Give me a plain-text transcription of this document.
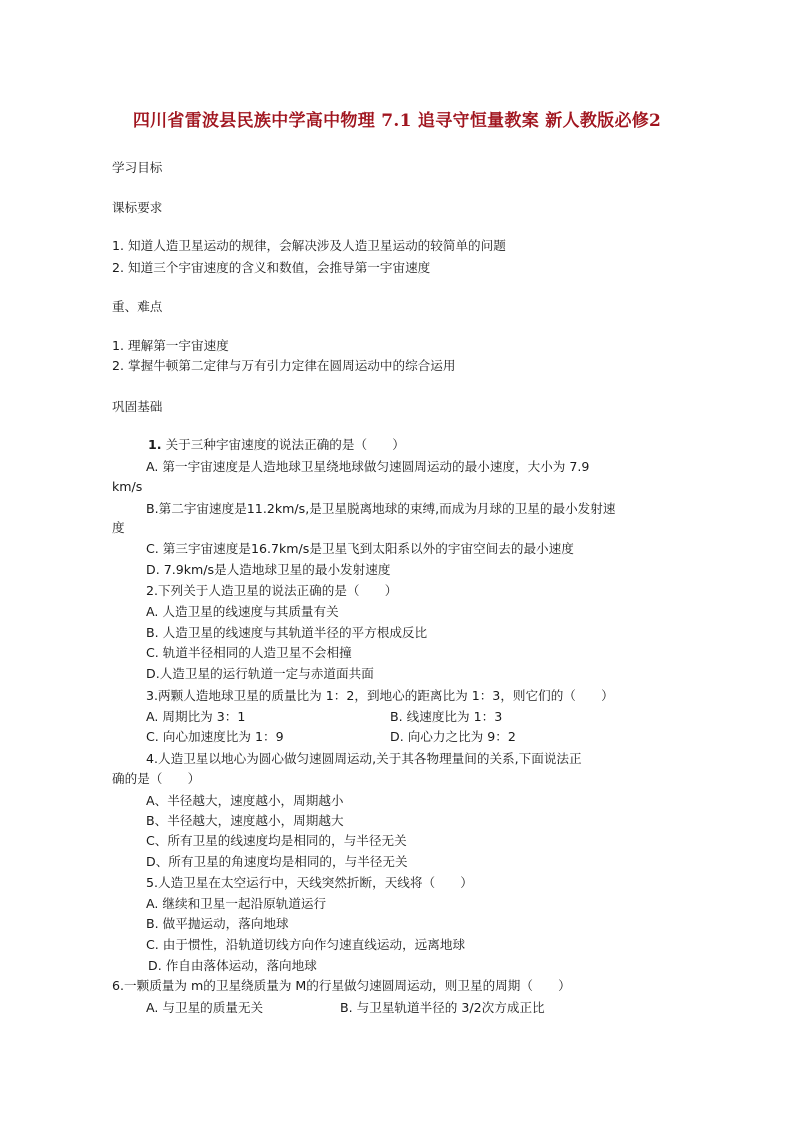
四川省雷波县民族中学高中物理 7.1 追寻守恒量教案 新人教版必修2
学习目标
课标要求
1. 知道人造卫星运动的规律，会解决涉及人造卫星运动的较简单的问题
2. 知道三个宇宙速度的含义和数值，会推导第一宇宙速度
重、难点
1. 理解第一宇宙速度
2. 掌握牛顿第二定律与万有引力定律在圆周运动中的综合运用
巩固基础
1. 关于三种宇宙速度的说法正确的是（　　）
A. 第一宇宙速度是人造地球卫星绕地球做匀速圆周运动的最小速度，大小为 7.9
km/s
B.第二宇宙速度是11.2km/s,是卫星脱离地球的束缚,而成为月球的卫星的最小发射速
度
C. 第三宇宙速度是16.7km/s是卫星飞到太阳系以外的宇宙空间去的最小速度
D. 7.9km/s是人造地球卫星的最小发射速度
2.下列关于人造卫星的说法正确的是（　　）
A. 人造卫星的线速度与其质量有关
B. 人造卫星的线速度与其轨道半径的平方根成反比
C. 轨道半径相同的人造卫星不会相撞
D.人造卫星的运行轨道一定与赤道面共面
3.两颗人造地球卫星的质量比为 1：2，到地心的距离比为 1：3，则它们的（　　）
A. 周期比为 3：1	B. 线速度比为 1：3
C. 向心加速度比为 1：9	D. 向心力之比为 9：2
4.人造卫星以地心为圆心做匀速圆周运动,关于其各物理量间的关系,下面说法正
确的是（　　）
A、半径越大，速度越小，周期越小
B、半径越大，速度越小，周期越大
C、所有卫星的线速度均是相同的，与半径无关
D、所有卫星的角速度均是相同的，与半径无关
5.人造卫星在太空运行中，天线突然折断，天线将（　　）
A. 继续和卫星一起沿原轨道运行
B. 做平抛运动，落向地球
C. 由于惯性，沿轨道切线方向作匀速直线运动，远离地球
D. 作自由落体运动，落向地球
6.一颗质量为 m的卫星绕质量为 M的行星做匀速圆周运动，则卫星的周期（　　）
A. 与卫星的质量无关	B. 与卫星轨道半径的 3/2次方成正比
